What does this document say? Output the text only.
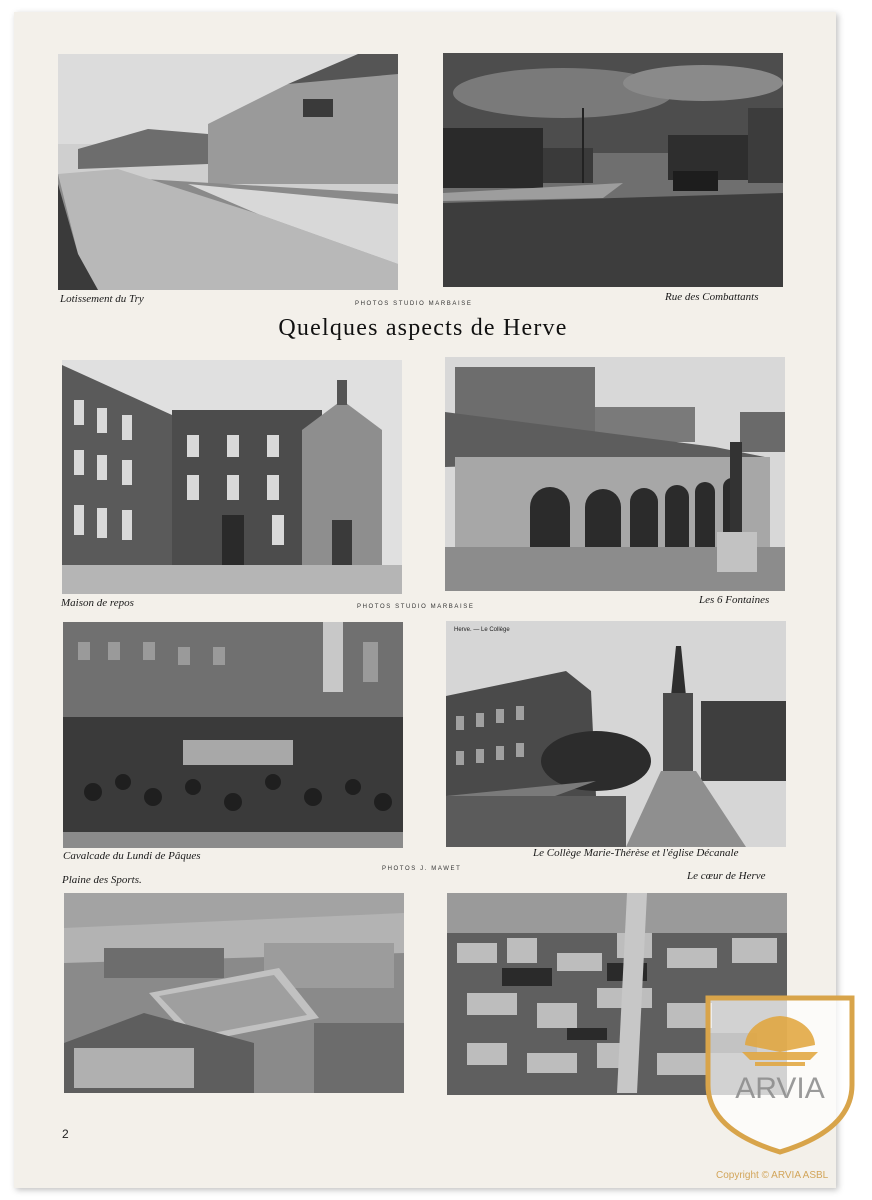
Lotissement du Try	Rue des Combattants
PHOTOS STUDIO MARBAISE
Quelques aspects de Herve
Maison de repos	Les 6 Fontaines
PHOTOS STUDIO MARBAISE
Cavalcade du Lundi de Pâques
Herve. — Le Collège
Le Collège Marie-Thérèse et l'église Décanale
PHOTOS J. MAWET
Plaine des Sports.	Le cœur de Herve
2
ARVIA
Copyright © ARVIA ASBL
